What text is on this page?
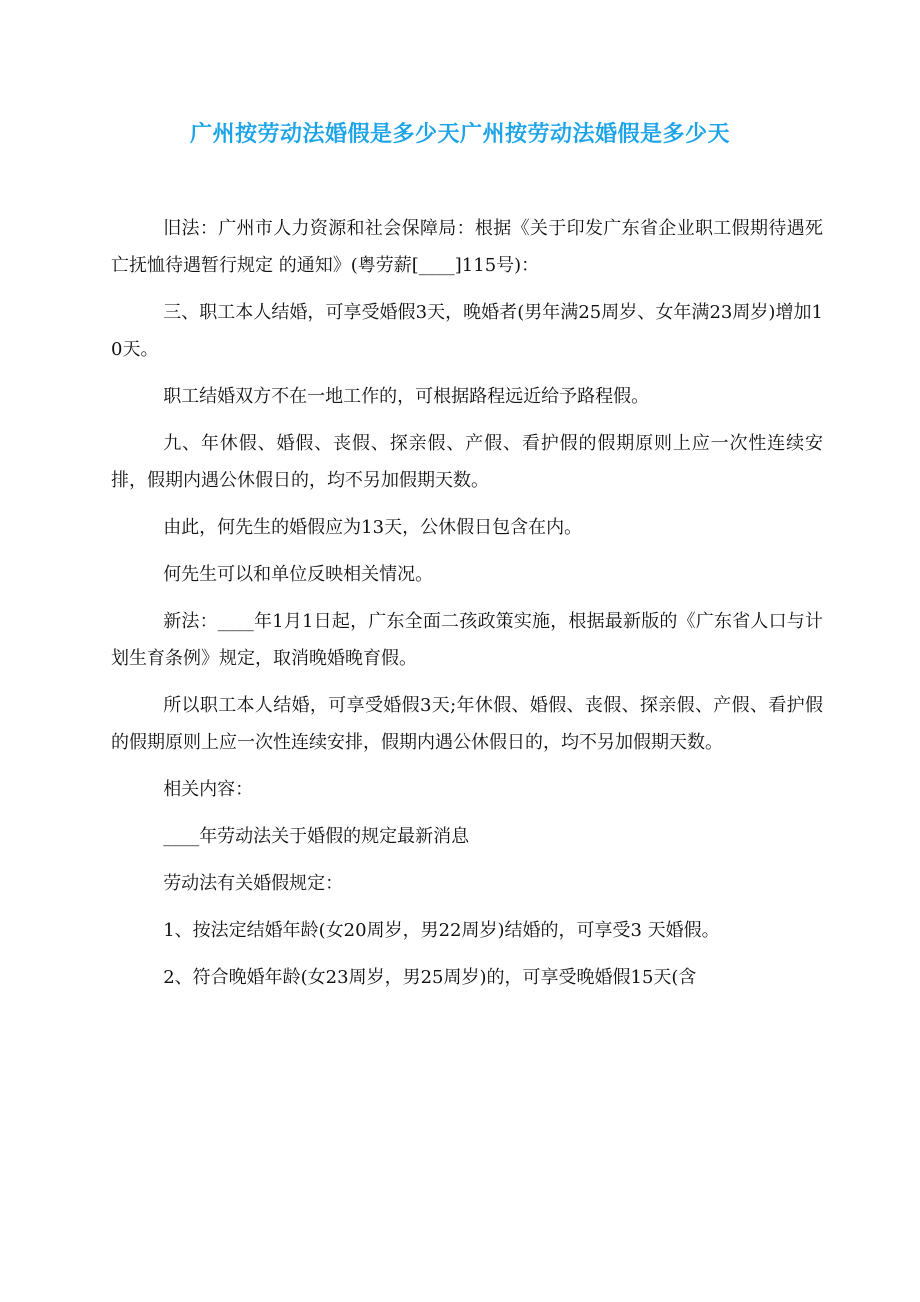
广州按劳动法婚假是多少天广州按劳动法婚假是多少天

旧法：广州市人力资源和社会保障局：根据《关于印发广东省企业职工假期待遇死亡抚恤待遇暂行规定 的通知》(粤劳薪[____]115号)：

三、职工本人结婚，可享受婚假3天，晚婚者(男年满25周岁、女年满23周岁)增加10天。

职工结婚双方不在一地工作的，可根据路程远近给予路程假。

九、年休假、婚假、丧假、探亲假、产假、看护假的假期原则上应一次性连续安排，假期内遇公休假日的，均不另加假期天数。

由此，何先生的婚假应为13天，公休假日包含在内。

何先生可以和单位反映相关情况。

新法：____年1月1日起，广东全面二孩政策实施，根据最新版的《广东省人口与计划生育条例》规定，取消晚婚晚育假。

所以职工本人结婚，可享受婚假3天;年休假、婚假、丧假、探亲假、产假、看护假的假期原则上应一次性连续安排，假期内遇公休假日的，均不另加假期天数。

相关内容：

____年劳动法关于婚假的规定最新消息

劳动法有关婚假规定：

1、按法定结婚年龄(女20周岁，男22周岁)结婚的，可享受3 天婚假。

2、符合晚婚年龄(女23周岁，男25周岁)的，可享受晚婚假15天(含
